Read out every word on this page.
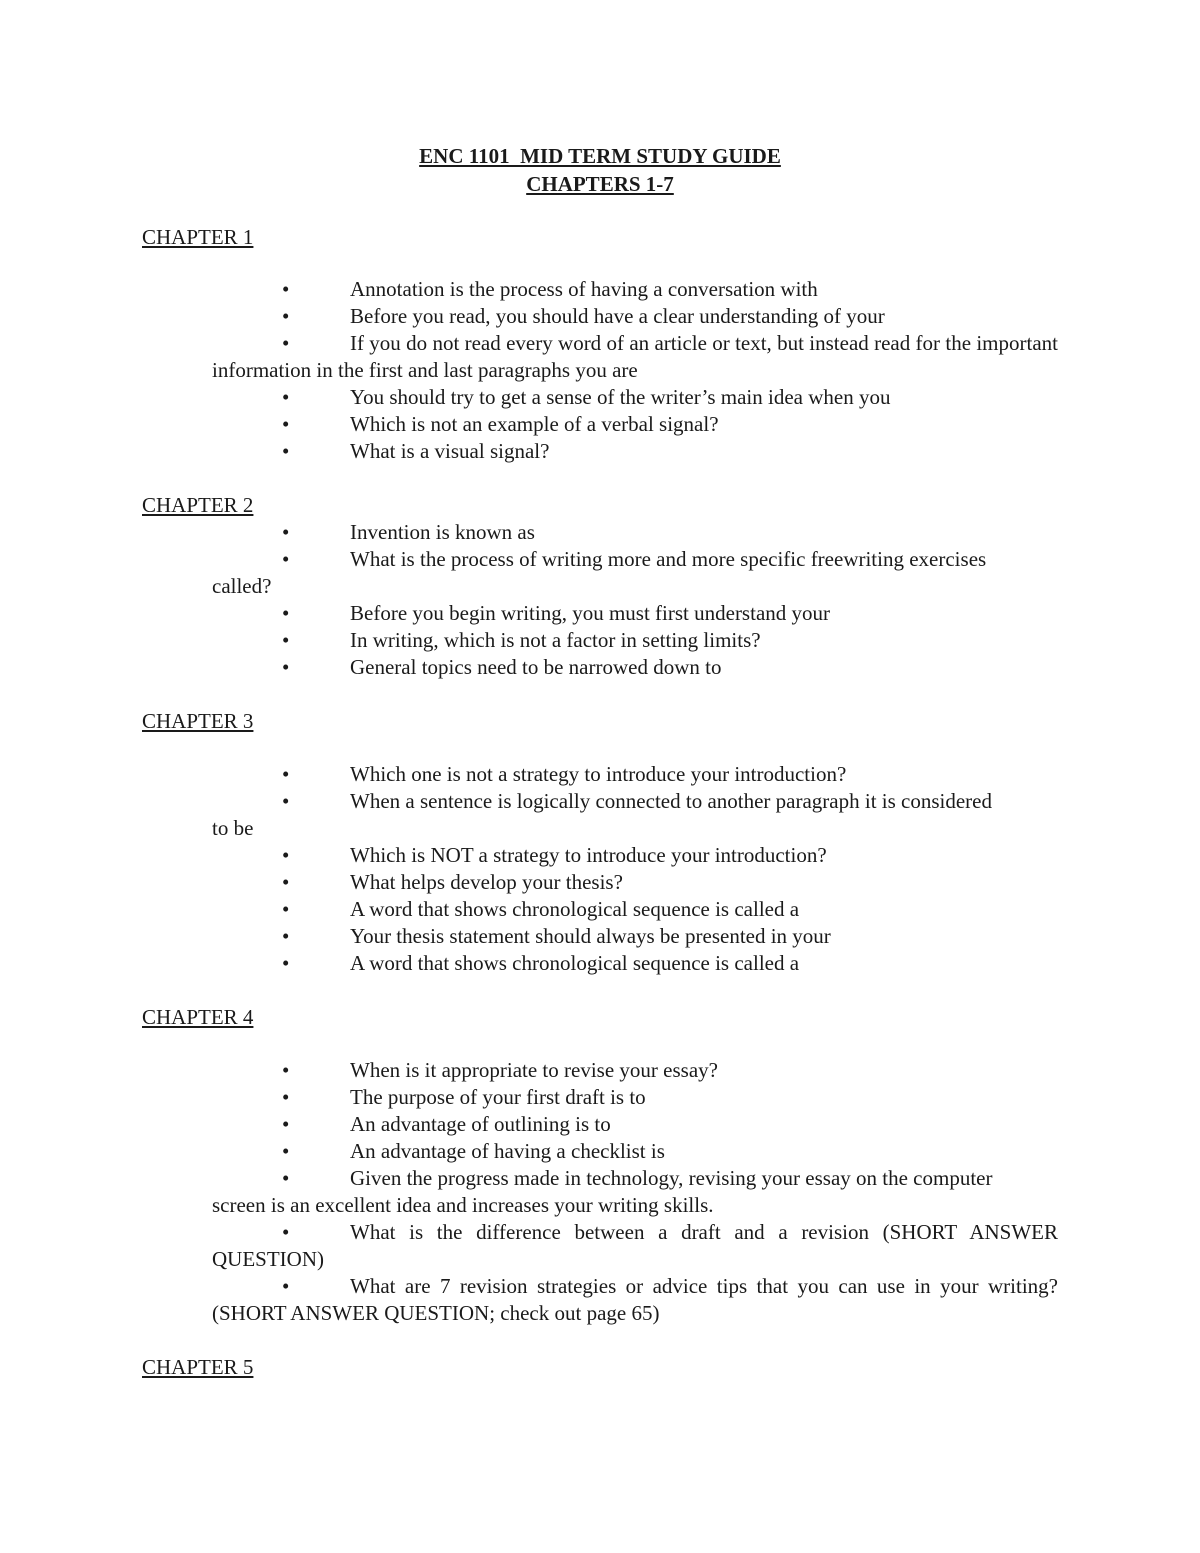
ENC 1101  MID TERM STUDY GUIDE
CHAPTERS 1-7
CHAPTER 1
•	Annotation is the process of having a conversation with
•	Before you read, you should have a clear understanding of your
•	If you do not read every word of an article or text, but instead read for the important information in the first and last paragraphs you are
•	You should try to get a sense of the writer’s main idea when you
•	Which is not an example of a verbal signal?
•	What is a visual signal?
CHAPTER 2
•	Invention is known as
•	What is the process of writing more and more specific freewriting exercises called?
•	Before you begin writing, you must first understand your
•	In writing, which is not a factor in setting limits?
•	General topics need to be narrowed down to
CHAPTER 3
•	Which one is not a strategy to introduce your introduction?
•	When a sentence is logically connected to another paragraph it is considered to be
•	Which is NOT a strategy to introduce your introduction?
•	What helps develop your thesis?
•	A word that shows chronological sequence is called a
•	Your thesis statement should always be presented in your
•	A word that shows chronological sequence is called a
CHAPTER 4
•	When is it appropriate to revise your essay?
•	The purpose of your first draft is to
•	An advantage of outlining is to
•	An advantage of having a checklist is
•	Given the progress made in technology, revising your essay on the computer screen is an excellent idea and increases your writing skills.
•	What is the difference between a draft and a revision (SHORT ANSWER QUESTION)
•	What are 7 revision strategies or advice tips that you can use in your writing? (SHORT ANSWER QUESTION; check out page 65)
CHAPTER 5
